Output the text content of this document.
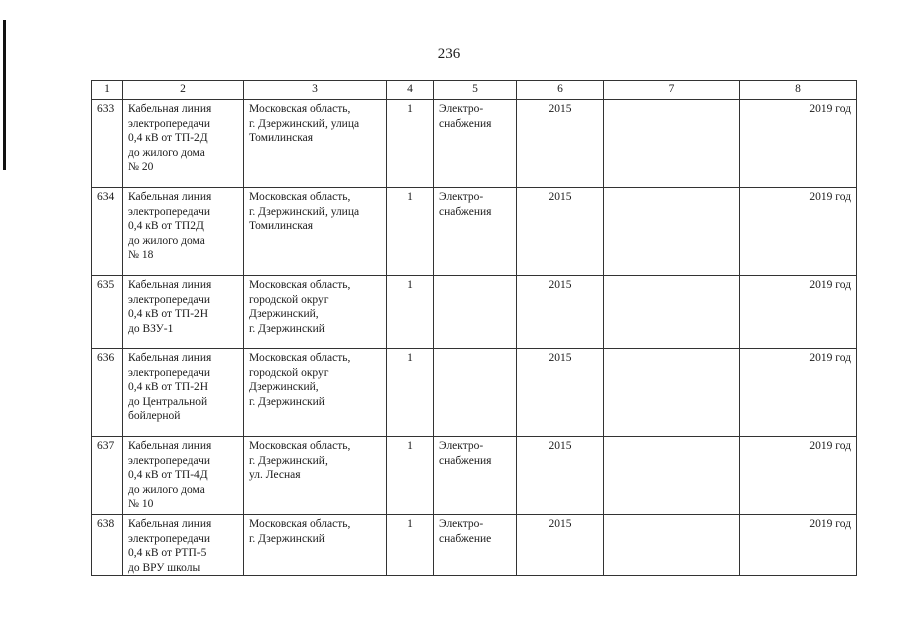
236
1	2	3	4	5	6	7	8
633	Кабельная линия
электропередачи
0,4 кВ от ТП-2Д
до жилого дома
№ 20	Московская область,
г. Дзержинский, улица
Томилинская	1	Электро-
снабжения	2015		2019 год
634	Кабельная линия
электропередачи
0,4 кВ от ТП2Д
до жилого дома
№ 18	Московская область,
г. Дзержинский, улица
Томилинская	1	Электро-
снабжения	2015		2019 год
635	Кабельная линия
электропередачи
0,4 кВ от ТП-2Н
до ВЗУ-1	Московская область,
городской округ
Дзержинский,
г. Дзержинский	1		2015		2019 год
636	Кабельная линия
электропередачи
0,4 кВ от ТП-2Н
до Центральной
бойлерной	Московская область,
городской округ
Дзержинский,
г. Дзержинский	1		2015		2019 год
637	Кабельная линия
электропередачи
0,4 кВ от ТП-4Д
до жилого дома
№ 10	Московская область,
г. Дзержинский,
ул. Лесная	1	Электро-
снабжения	2015		2019 год
638	Кабельная линия
электропередачи
0,4 кВ от РТП-5
до ВРУ школы	Московская область,
г. Дзержинский	1	Электро-
снабжение	2015		2019 год
